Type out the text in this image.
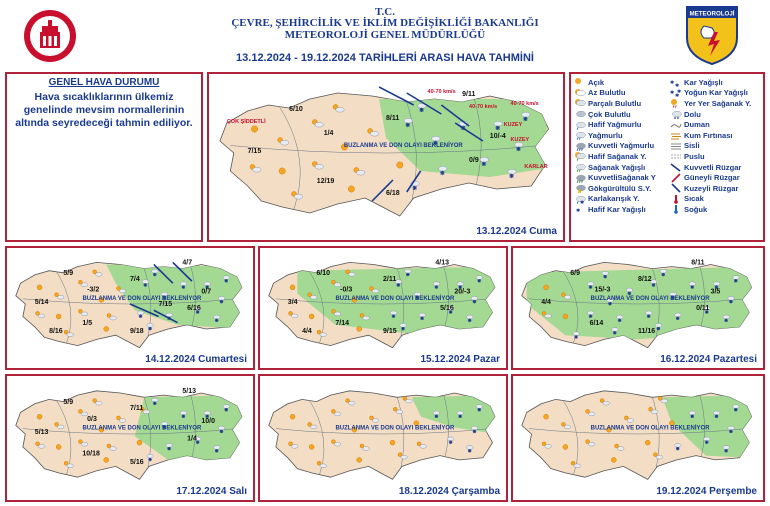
T.C.
ÇEVRE, ŞEHİRCİLİK VE İKLİM DEĞİŞİKLİĞİ BAKANLIĞI
METEOROLOJİ GENEL MÜDÜRLÜĞÜ
13.12.2024 - 19.12.2024 TARİHLERİ ARASI HAVA TAHMİNİ
METEOROLOJİ
GENEL HAVA DURUMU
Hava sıcaklıklarının ülkemiz genelinde mevsim normallerinin altında seyredeceği tahmin ediliyor.
BUZLANMA VE DON OLAYI BEKLENİYOR
6/10
9/11
8/11
1/4	10/-4
7/15
12/19
6/18
0/9
40-70 km/s
40-70 km/s 40-70 km/s
KUZEY
KUZEY
ÇOK ŞİDDETLİ
KARLAR
13.12.2024 Cuma
BUZLANMA VE DON OLAYI BEKLENİYOR
5/9
4/7
7/4
-3/2	0/7
5/14
1/5
9/18
6/16
8/16
7/15
14.12.2024 Cumartesi
BUZLANMA VE DON OLAYI BEKLENİYOR
6/10
4/13
2/11
-0/3	20/-3
3/4
7/14
9/15
5/16
4/4
15.12.2024 Pazar
BUZLANMA VE DON OLAYI BEKLENİYOR
6/9
8/11
8/12
15/-3	3/5
4/4
6/14
11/16
0/11
16.12.2024 Pazartesi
BUZLANMA VE DON OLAYI BEKLENİYOR
5/9
5/13
7/11
0/3	10/0
5/13
10/18
5/16
1/4
17.12.2024 Salı
BUZLANMA VE DON OLAYI BEKLENİYOR
18.12.2024 Çarşamba
BUZLANMA VE DON OLAYI BEKLENİYOR
19.12.2024 Perşembe
Açık
Az Bulutlu
Parçalı Bulutlu
Çok Bulutlu
Hafif Yağmurlu
Yağmurlu
Kuvvetli Yağmurlu
Hafif Sağanak Y.
Sağanak Yağışlı
KuvvetliSağanak Y
Gökgürültülü S.Y.
✱ Karlakarışık Y.
✱ Hafif Kar Yağışlı
✱ ✱ Kar Yağışlı
✱ ✱
✱ Yoğun Kar Yağışlı
Yer Yer Sağanak Y.
Dolu
Duman
Kum Fırtınası
Sisli
Puslu
Kuvvetli Rüzgar
Güneyli Rüzgar
Kuzeyli Rüzgar
Sıcak
Soğuk
